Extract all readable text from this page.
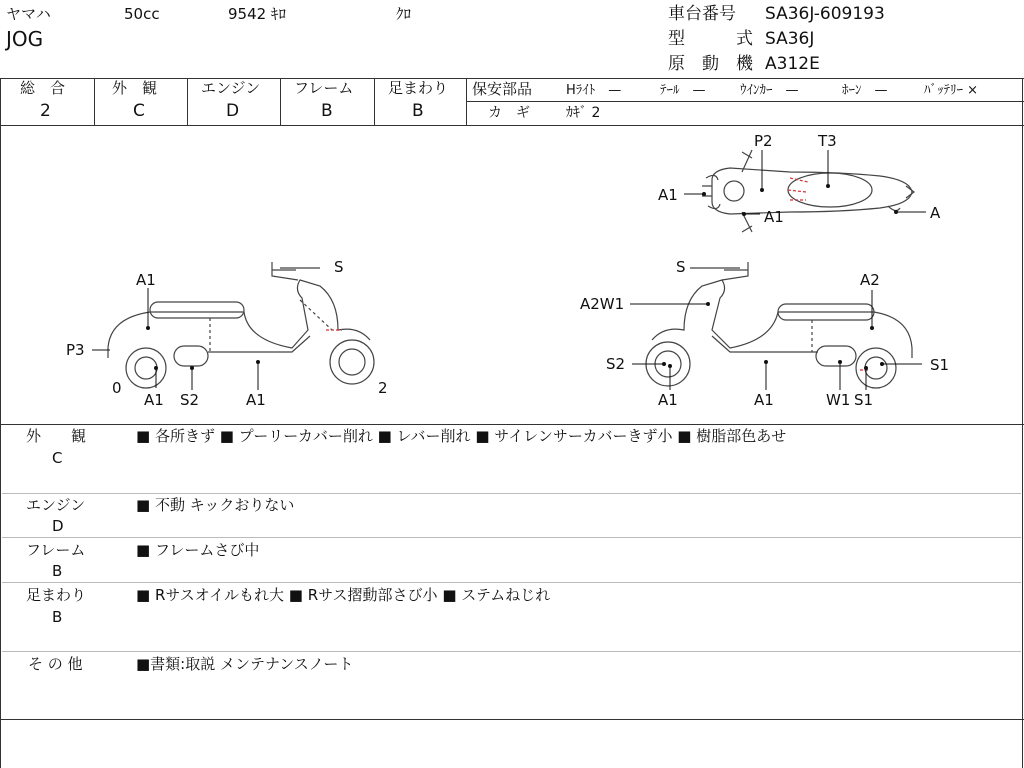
ヤマハ	50cc	9542 ｷﾛ	ｸﾛ
JOG
車台番号 SA36J-609193
型	式 SA36J
原 動 機 A312E
総　合
2
外　観
C
エンジン
D
フレーム
B
足まわり
B
保安部品	Hﾗｲﾄ　—	ﾃｰﾙ　—	ｳｲﾝｶｰ　—	ﾎｰﾝ　—	ﾊﾞｯﾃﾘｰ ×
カ　ギ	ｶｷﾞ 2
P2	T3
A1
A1	A
A1
S
P3
0
A1 S2	A1
2
S
A2
A2W1
S2	S1
A1	A1	W1 S1
外　　観
C
■ 各所きず ■ プーリーカバー削れ ■ レバー削れ ■ サイレンサーカバーきず小 ■ 樹脂部色あせ
エンジン
D
■ 不動 キックおりない
フレーム
B
■ フレームさび中
足まわり
B
■ Rサスオイルもれ大 ■ Rサス摺動部さび小 ■ ステムねじれ
そ の 他	■書類:取説 メンテナンスノート
